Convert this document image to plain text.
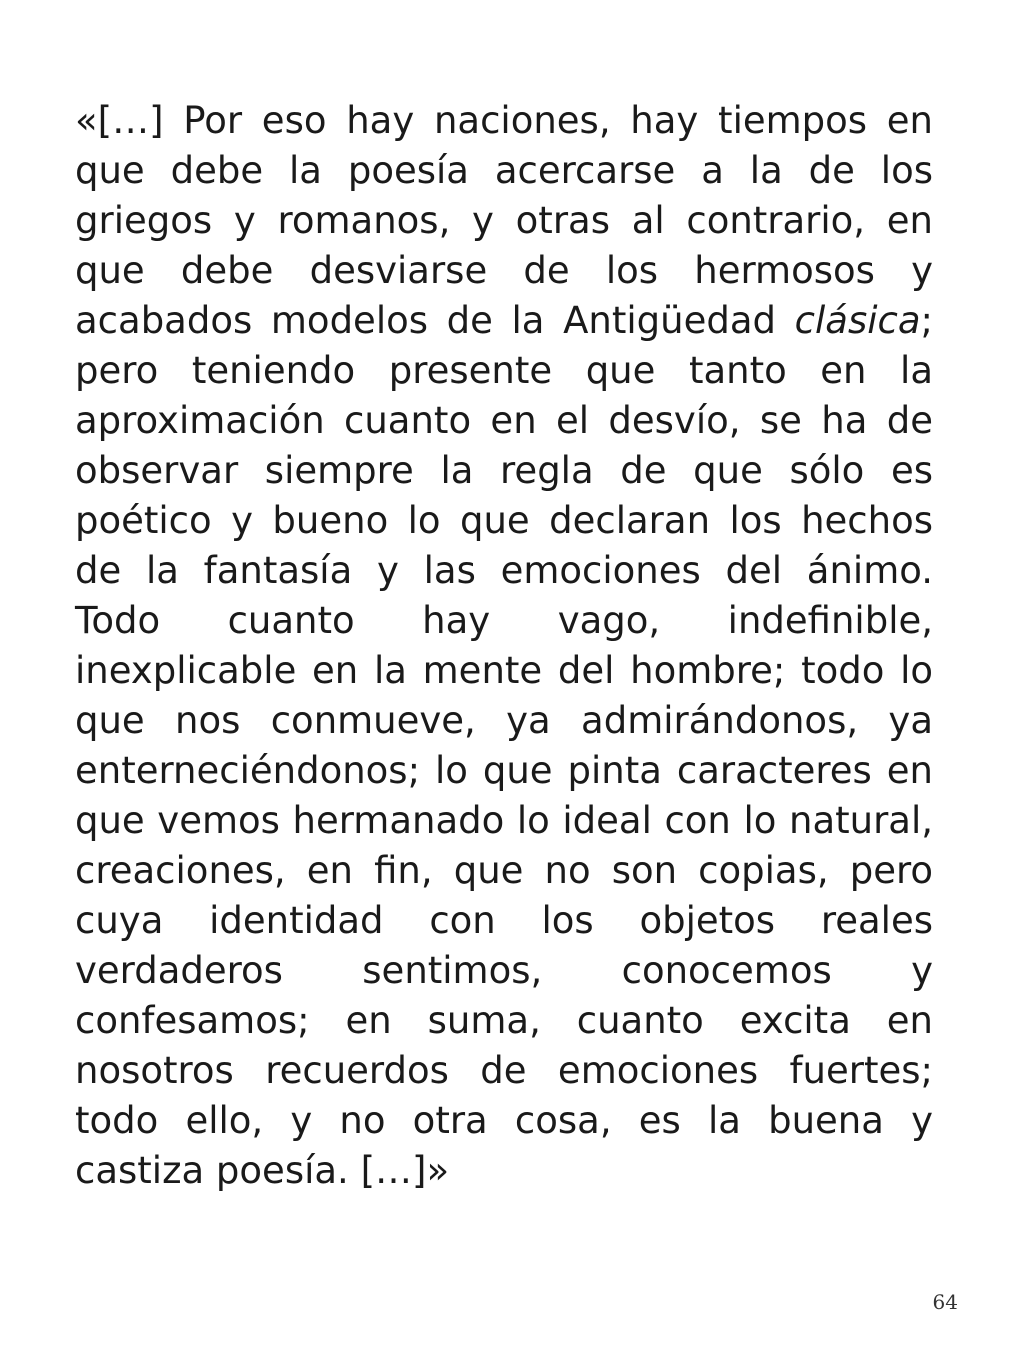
«[…] Por eso hay naciones, hay tiempos en que debe la poesía acercarse a la de los griegos y romanos, y otras al contrario, en que debe desviarse de los hermosos y acabados modelos de la Antigüedad clásica; pero teniendo presente que tanto en la aproximación cuanto en el desvío, se ha de observar siempre la regla de que sólo es poético y bueno lo que declaran los hechos de la fantasía y las emociones del ánimo. Todo cuanto hay vago, indefinible, inexplicable en la mente del hombre; todo lo que nos conmueve, ya admirándonos, ya enterneciéndonos; lo que pinta caracteres en que vemos hermanado lo ideal con lo natural, creaciones, en fin, que no son copias, pero cuya identidad con los objetos reales verdaderos sentimos, conocemos y confesamos; en suma, cuanto excita en nosotros recuerdos de emociones fuertes; todo ello, y no otra cosa, es la buena y castiza poesía. […]»

64
